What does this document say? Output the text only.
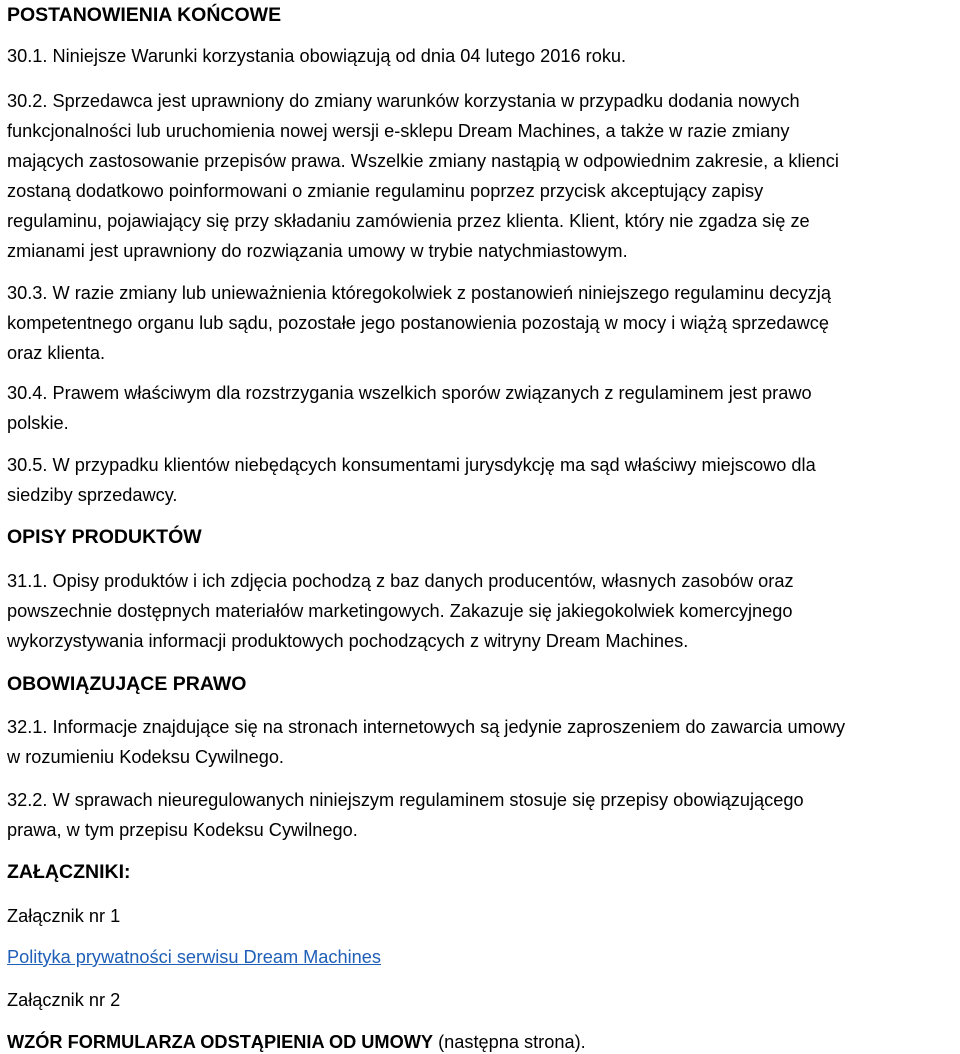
POSTANOWIENIA KOŃCOWE

30.1. Niniejsze Warunki korzystania obowiązują od dnia 04 lutego 2016 roku.

30.2. Sprzedawca jest uprawniony do zmiany warunków korzystania w przypadku dodania nowych

funkcjonalności lub uruchomienia nowej wersji e-sklepu Dream Machines, a także w razie zmiany

mających zastosowanie przepisów prawa. Wszelkie zmiany nastąpią w odpowiednim zakresie, a klienci

zostaną dodatkowo poinformowani o zmianie regulaminu poprzez przycisk akceptujący zapisy

regulaminu, pojawiający się przy składaniu zamówienia przez klienta. Klient, który nie zgadza się ze

zmianami jest uprawniony do rozwiązania umowy w trybie natychmiastowym.

30.3. W razie zmiany lub unieważnienia któregokolwiek z postanowień niniejszego regulaminu decyzją

kompetentnego organu lub sądu, pozostałe jego postanowienia pozostają w mocy i wiążą sprzedawcę

oraz klienta.

30.4. Prawem właściwym dla rozstrzygania wszelkich sporów związanych z regulaminem jest prawo

polskie.

30.5. W przypadku klientów niebędących konsumentami jurysdykcję ma sąd właściwy miejscowo dla

siedziby sprzedawcy.

OPISY PRODUKTÓW

31.1. Opisy produktów i ich zdjęcia pochodzą z baz danych producentów, własnych zasobów oraz

powszechnie dostępnych materiałów marketingowych. Zakazuje się jakiegokolwiek komercyjnego

wykorzystywania informacji produktowych pochodzących z witryny Dream Machines.

OBOWIĄZUJĄCE PRAWO

32.1. Informacje znajdujące się na stronach internetowych są jedynie zaproszeniem do zawarcia umowy

w rozumieniu Kodeksu Cywilnego.

32.2. W sprawach nieuregulowanych niniejszym regulaminem stosuje się przepisy obowiązującego

prawa, w tym przepisu Kodeksu Cywilnego.

ZAŁĄCZNIKI:

Załącznik nr 1

Polityka prywatności serwisu Dream Machines

Załącznik nr 2

WZÓR FORMULARZA ODSTĄPIENIA OD UMOWY (następna strona).
